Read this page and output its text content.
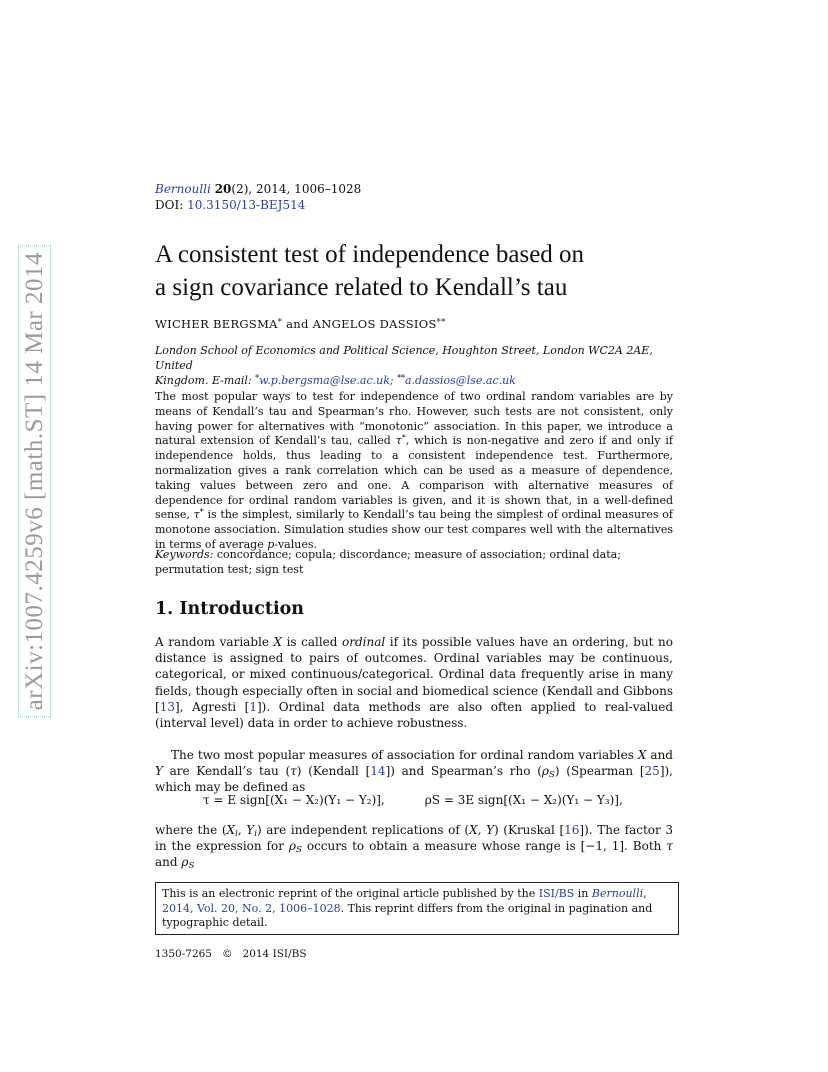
arXiv:1007.4259v6 [math.ST] 14 Mar 2014
Bernoulli 20(2), 2014, 1006–1028
DOI: 10.3150/13-BEJ514
A consistent test of independence based on
a sign covariance related to Kendall’s tau
WICHER BERGSMA* and ANGELOS DASSIOS**
London School of Economics and Political Science, Houghton Street, London WC2A 2AE, United
Kingdom. E-mail: *w.p.bergsma@lse.ac.uk; **a.dassios@lse.ac.uk

The most popular ways to test for independence of two ordinal random variables are by means of Kendall’s tau and Spearman’s rho. However, such tests are not consistent, only having power for alternatives with “monotonic” association. In this paper, we introduce a natural extension of Kendall’s tau, called τ*, which is non-negative and zero if and only if independence holds, thus leading to a consistent independence test. Furthermore, normalization gives a rank correlation which can be used as a measure of dependence, taking values between zero and one. A comparison with alternative measures of dependence for ordinal random variables is given, and it is shown that, in a well-defined sense, τ* is the simplest, similarly to Kendall’s tau being the simplest of ordinal measures of monotone association. Simulation studies show our test compares well with the alternatives in terms of average p-values.

Keywords: concordance; copula; discordance; measure of association; ordinal data; permutation test; sign test

1. Introduction

A random variable X is called ordinal if its possible values have an ordering, but no distance is assigned to pairs of outcomes. Ordinal variables may be continuous, categorical, or mixed continuous/categorical. Ordinal data frequently arise in many fields, though especially often in social and biomedical science (Kendall and Gibbons [13], Agresti [1]). Ordinal data methods are also often applied to real-valued (interval level) data in order to achieve robustness.

The two most popular measures of association for ordinal random variables X and Y are Kendall’s tau (τ) (Kendall [14]) and Spearman’s rho $(\rho_S)$ (Spearman [25]), which may be defined as

τ = E sign[(X₁ − X₂)(Y₁ − Y₂)],	ρS = 3E sign[(X₁ − X₂)(Y₁ − Y₃)],

where the ($X_i$, $Y_i$) are independent replications of (X, Y) (Kruskal [16]). The factor 3 in the expression for $\rho_S$ occurs to obtain a measure whose range is [−1, 1]. Both τ and $\rho_S$

This is an electronic reprint of the original article published by the ISI/BS in Bernoulli, 2014, Vol. 20, No. 2, 1006–1028. This reprint differs from the original in pagination and typographic detail.
1350-7265   ©   2014 ISI/BS
